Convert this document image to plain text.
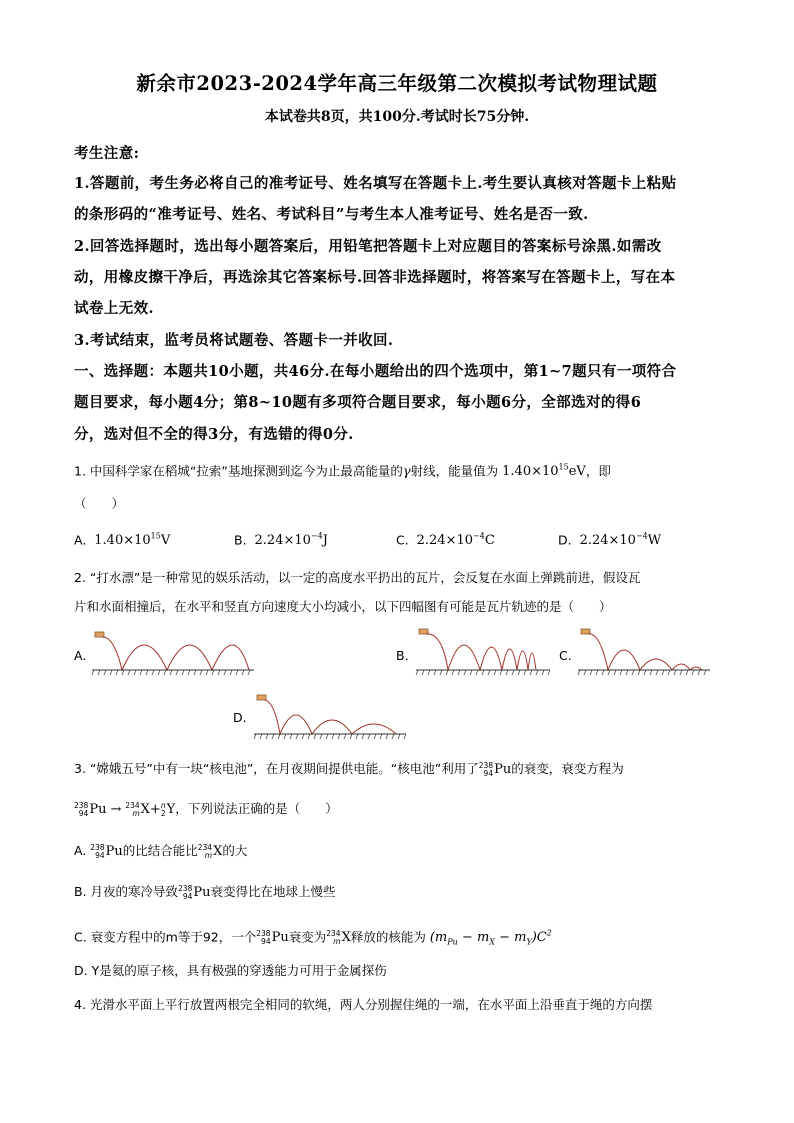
新余市2023-2024学年高三年级第二次模拟考试物理试题
本试卷共8页，共100分.考试时长75分钟.
考生注意:
1.答题前，考生务必将自己的准考证号、姓名填写在答题卡上.考生要认真核对答题卡上粘贴
的条形码的“准考证号、姓名、考试科目”与考生本人准考证号、姓名是否一致.
2.回答选择题时，选出每小题答案后，用铅笔把答题卡上对应题目的答案标号涂黑.如需改
动，用橡皮擦干净后，再选涂其它答案标号.回答非选择题时，将答案写在答题卡上，写在本
试卷上无效.
3.考试结束，监考员将试题卷、答题卡一并收回.
一、选择题：本题共10小题，共46分.在每小题给出的四个选项中，第1~7题只有一项符合
题目要求，每小题4分；第8~10题有多项符合题目要求，每小题6分，全部选对的得6
分，选对但不全的得3分，有选错的得0分.
1. 中国科学家在稻城“拉索”基地探测到迄今为止最高能量的γ射线，能量值为 $1.40\times 10^{15}eV$，即
（　　）
A. $1.40\times 10^{15}V$	B. $2.24\times 10^{-4}J$	C. $2.24\times 10^{-4}C$	D. $2.24\times 10^{-4}W$
2. “打水漂”是一种常见的娱乐活动，以一定的高度水平扔出的瓦片，会反复在水面上弹跳前进，假设瓦
片和水面相撞后，在水平和竖直方向速度大小均减小，以下四幅图有可能是瓦片轨迹的是（　　）
A.	B.	C.
D.
3. “嫦娥五号”中有一块“核电池”，在月夜期间提供电能。“核电池”利用了 238
94 Pu的衰变，衰变方程为
238
94 Pu → 234
m X+ n
2 Y，下列说法正确的是（　　）
A. 238
94 Pu的比结合能比 234
m X的大
B. 月夜的寒冷导致 238
94 Pu衰变得比在地球上慢些
C. 衰变方程中的m等于92，一个 238
94 Pu衰变为 234
m X释放的核能为 $(m_{Pu} - m_X - m_Y)C^2$
D. Y是氦的原子核，具有极强的穿透能力可用于金属探伤
4. 光滑水平面上平行放置两根完全相同的软绳，两人分别握住绳的一端，在水平面上沿垂直于绳的方向摆
